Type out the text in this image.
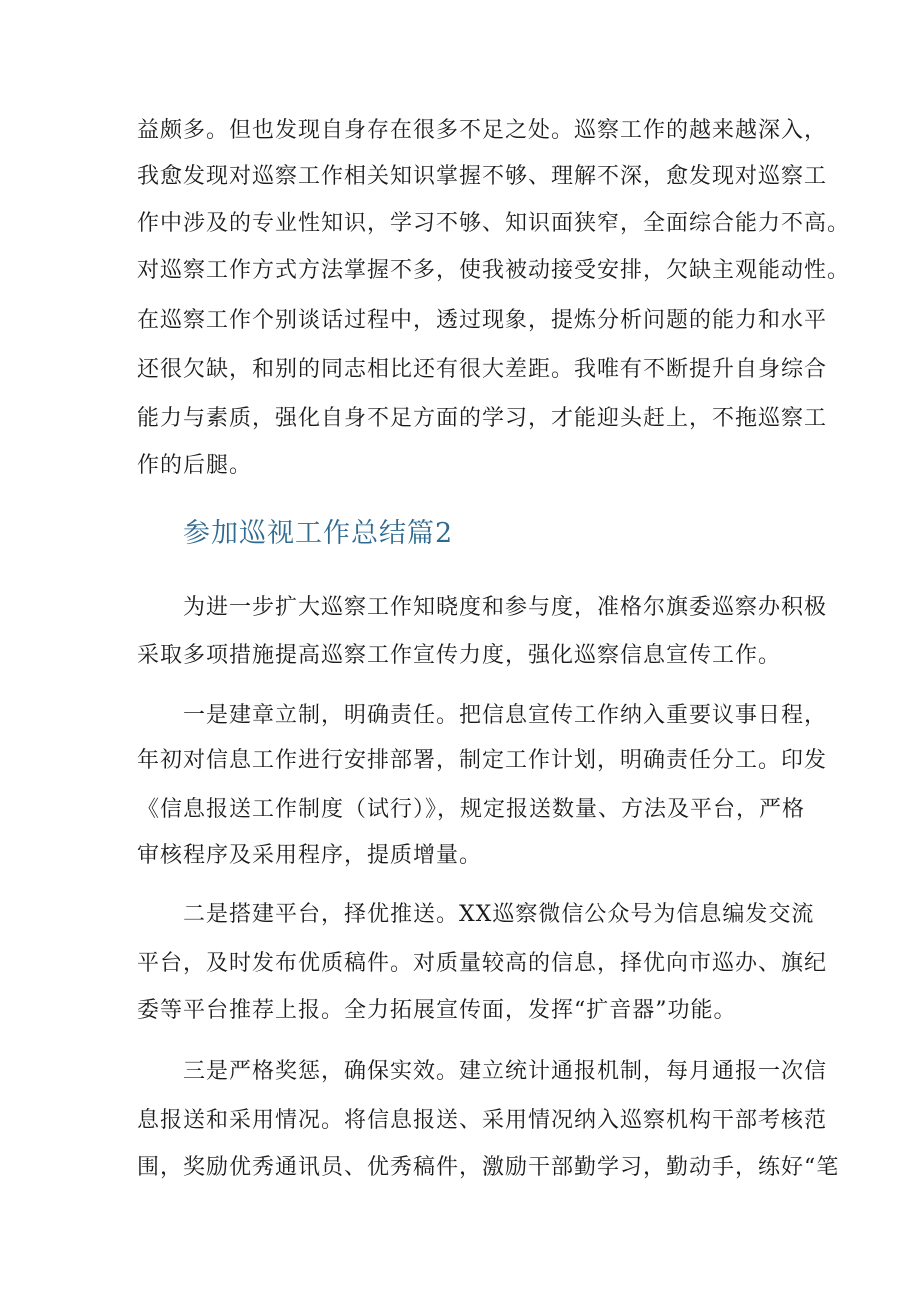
益颇多。但也发现自身存在很多不足之处。巡察工作的越来越深入，
我愈发现对巡察工作相关知识掌握不够、理解不深，愈发现对巡察工
作中涉及的专业性知识，学习不够、知识面狭窄，全面综合能力不高。
对巡察工作方式方法掌握不多，使我被动接受安排，欠缺主观能动性。
在巡察工作个别谈话过程中，透过现象，提炼分析问题的能力和水平
还很欠缺，和别的同志相比还有很大差距。我唯有不断提升自身综合
能力与素质，强化自身不足方面的学习，才能迎头赶上，不拖巡察工
作的后腿。
参加巡视工作总结篇2
为进一步扩大巡察工作知晓度和参与度，准格尔旗委巡察办积极
采取多项措施提高巡察工作宣传力度，强化巡察信息宣传工作。
一是建章立制，明确责任。把信息宣传工作纳入重要议事日程，
年初对信息工作进行安排部署，制定工作计划，明确责任分工。印发
《信息报送工作制度（试行）》，规定报送数量、方法及平台，严格
审核程序及采用程序，提质增量。
二是搭建平台，择优推送。XX巡察微信公众号为信息编发交流
平台，及时发布优质稿件。对质量较高的信息，择优向市巡办、旗纪
委等平台推荐上报。全力拓展宣传面，发挥“扩音器”功能。
三是严格奖惩，确保实效。建立统计通报机制，每月通报一次信
息报送和采用情况。将信息报送、采用情况纳入巡察机构干部考核范
围，奖励优秀通讯员、优秀稿件，激励干部勤学习，勤动手，练好“笔
